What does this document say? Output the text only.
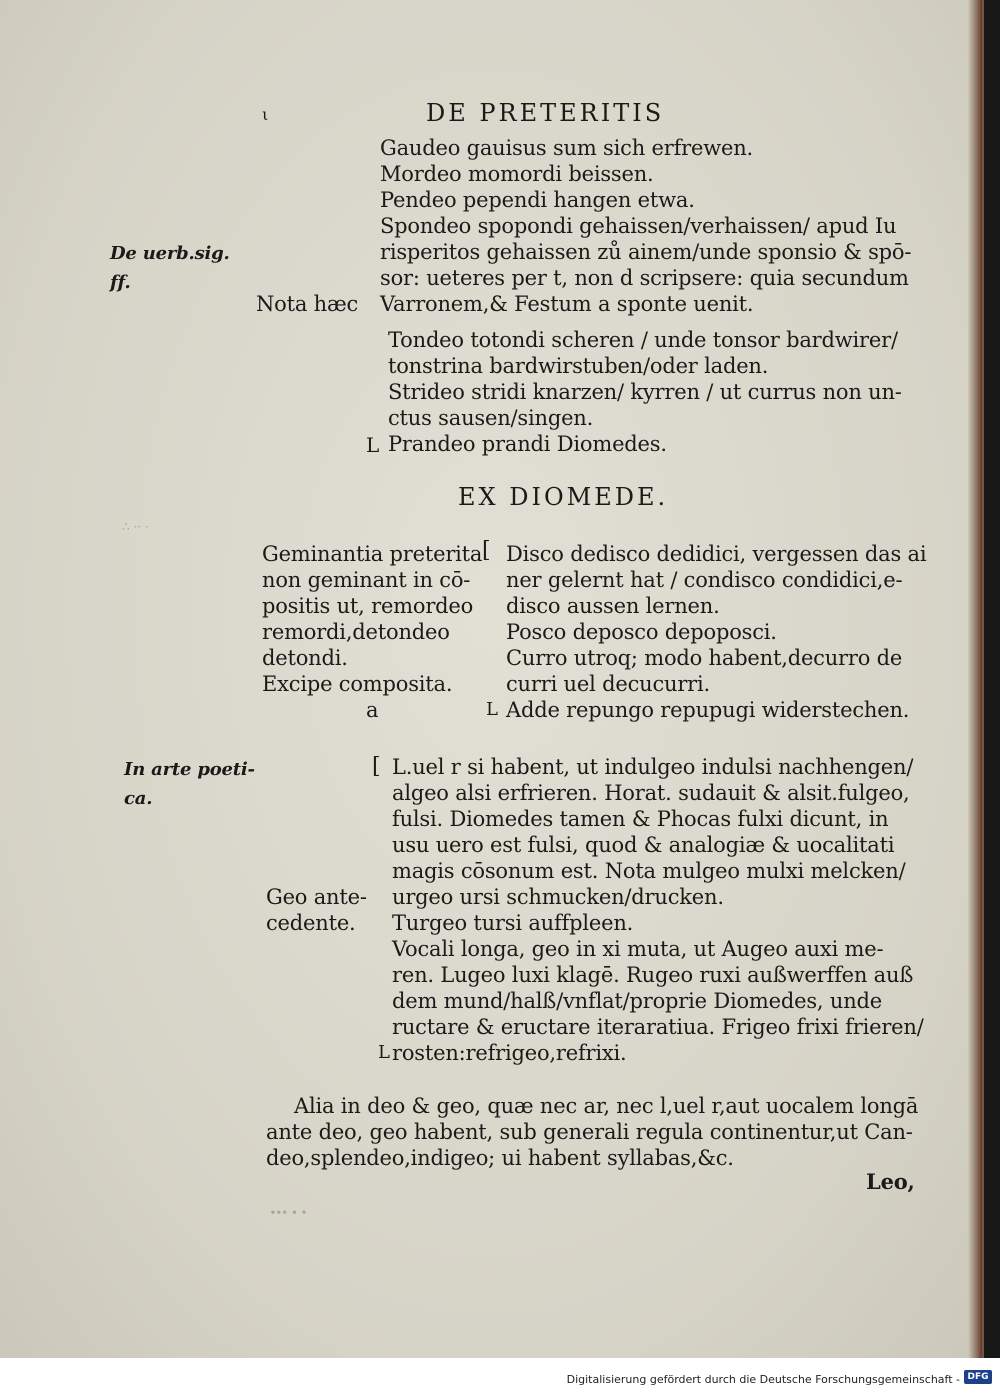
ι	DE PRETERITIS
Gaudeo gauisus sum sich erfrewen.
Mordeo momordi beissen.
Pendeo pependi hangen etwa.
Spondeo spopondi gehaissen/verhaissen/ apud Iu
risperitos gehaissen zů ainem/unde sponsio & spō-
sor: ueteres per t, non d scripsere: quia secundum
Varronem,& Festum a sponte uenit.
De uerb.sig.
ff.
Nota hæc
Tondeo totondi scheren / unde tonsor bardwirer/
tonstrina bardwirstuben/oder laden.
Strideo stridi knarzen/ kyrren / ut currus non un-
ctus sausen/singen.
L Prandeo prandi Diomedes.
EX DIOMEDE.
Geminantia preterita
non geminant in cō-
positis ut, remordeo
remordi,detondeo
detondi.
Excipe composita.
a
[ Disco dedisco dedidici, vergessen das ai
ner gelernt hat / condisco condidici,e-
disco aussen lernen.
Posco deposco depoposci.
Curro utroq; modo habent,decurro de
curri uel decucurri.
L Adde repungo repupugi widerstechen.
In arte poeti-
ca.
[ L.uel r si habent, ut indulgeo indulsi nachhengen/
algeo alsi erfrieren. Horat. sudauit & alsit.fulgeo,
fulsi. Diomedes tamen & Phocas fulxi dicunt, in
usu uero est fulsi, quod & analogiæ & uocalitati
magis cōsonum est. Nota mulgeo mulxi melcken/
urgeo ursi schmucken/drucken.
Geo ante-
cedente. Turgeo tursi auffpleen.
Vocali longa, geo in xi muta, ut Augeo auxi me-
ren. Lugeo luxi klagē. Rugeo ruxi außwerffen auß
dem mund/halß/vnflat/proprie Diomedes, unde
ructare & eructare iteraratiua. Frigeo frixi frieren/
L rosten:refrigeo,refrixi.
Alia in deo & geo, quæ nec ar, nec l,uel r,aut uocalem longā
ante deo, geo habent, sub generali regula continentur,ut Can-
deo,splendeo,indigeo; ui habent syllabas,&c.
Leo,
∴ ·· ·
∙∙∙ ∙ ∙
Digitalisierung gefördert durch die Deutsche Forschungsgemeinschaft - DFG
